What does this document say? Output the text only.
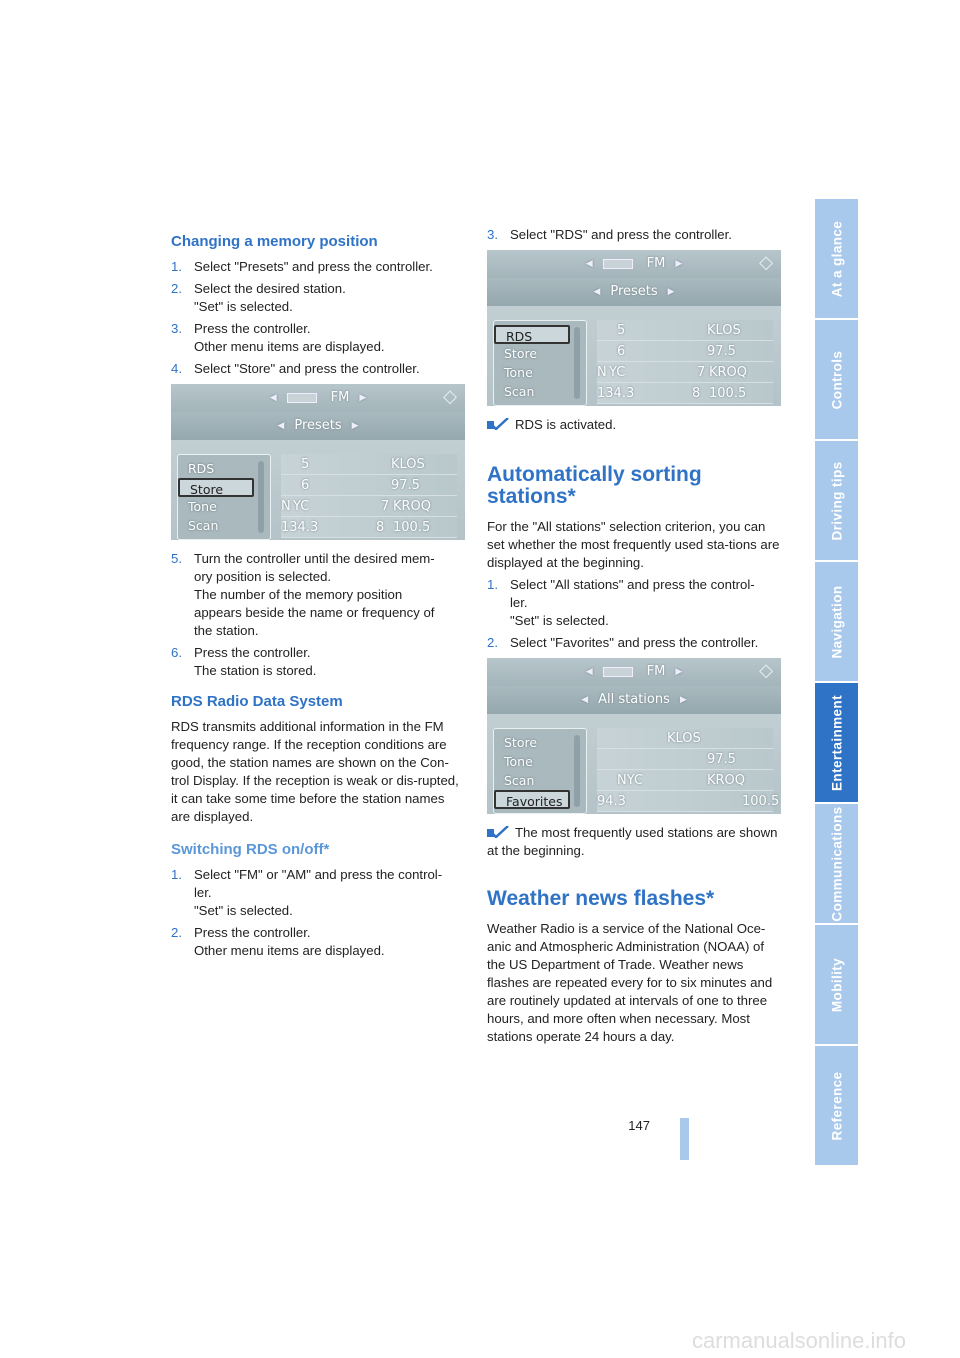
Changing a memory position
1. Select "Presets" and press the controller.
2. Select the desired station.
"Set" is selected.
3. Press the controller.
Other menu items are displayed.
4. Select "Store" and press the controller.
◀	FM ▶	◇
◀ Presets ▶
5	KLOS
6	97.5
N YC	7 KROQ
134.3	8 100.5
RDS
Store
Tone
Scan
5. Turn the controller until the desired mem-
ory position is selected.
The number of the memory position
appears beside the name or frequency of
the station.
6. Press the controller.
The station is stored.
RDS Radio Data System

RDS transmits additional information in the FM frequency range. If the reception conditions are good, the station names are shown on the Con-trol Display. If the reception is weak or dis-rupted, it can take some time before the station names are displayed.

Switching RDS on/off*
1. Select "FM" or "AM" and press the control-
ler.
"Set" is selected.
2. Press the controller.
Other menu items are displayed.
3. Select "RDS" and press the controller.
◀	FM ▶	◇
◀ Presets ▶
5	KLOS
6	97.5
N YC	7 KROQ
134.3	8 100.5
RDS
Store
Tone
Scan

RDS is activated.

Automatically sorting stations*

For the "All stations" selection criterion, you can set whether the most frequently used sta-tions are displayed at the beginning.

1. Select "All stations" and press the control-
ler.
"Set" is selected.
2. Select "Favorites" and press the controller.
◀	FM ▶	◇
◀ All stations ▶
KLOS
97.5
NYC	KROQ
94.3	100.5
Store
Tone
Scan
Favorites

The most frequently used stations are shown at the beginning.

Weather news flashes*

Weather Radio is a service of the National Oce-anic and Atmospheric Administration (NOAA) of the US Department of Trade. Weather news flashes are repeated every for to six minutes and are routinely updated at intervals of one to three hours, and more often when necessary. Most stations operate 24 hours a day.

At a glance
Controls
Driving tips
Navigation
Entertainment
Communications
Mobility
Reference
147
carmanualsonline.info
